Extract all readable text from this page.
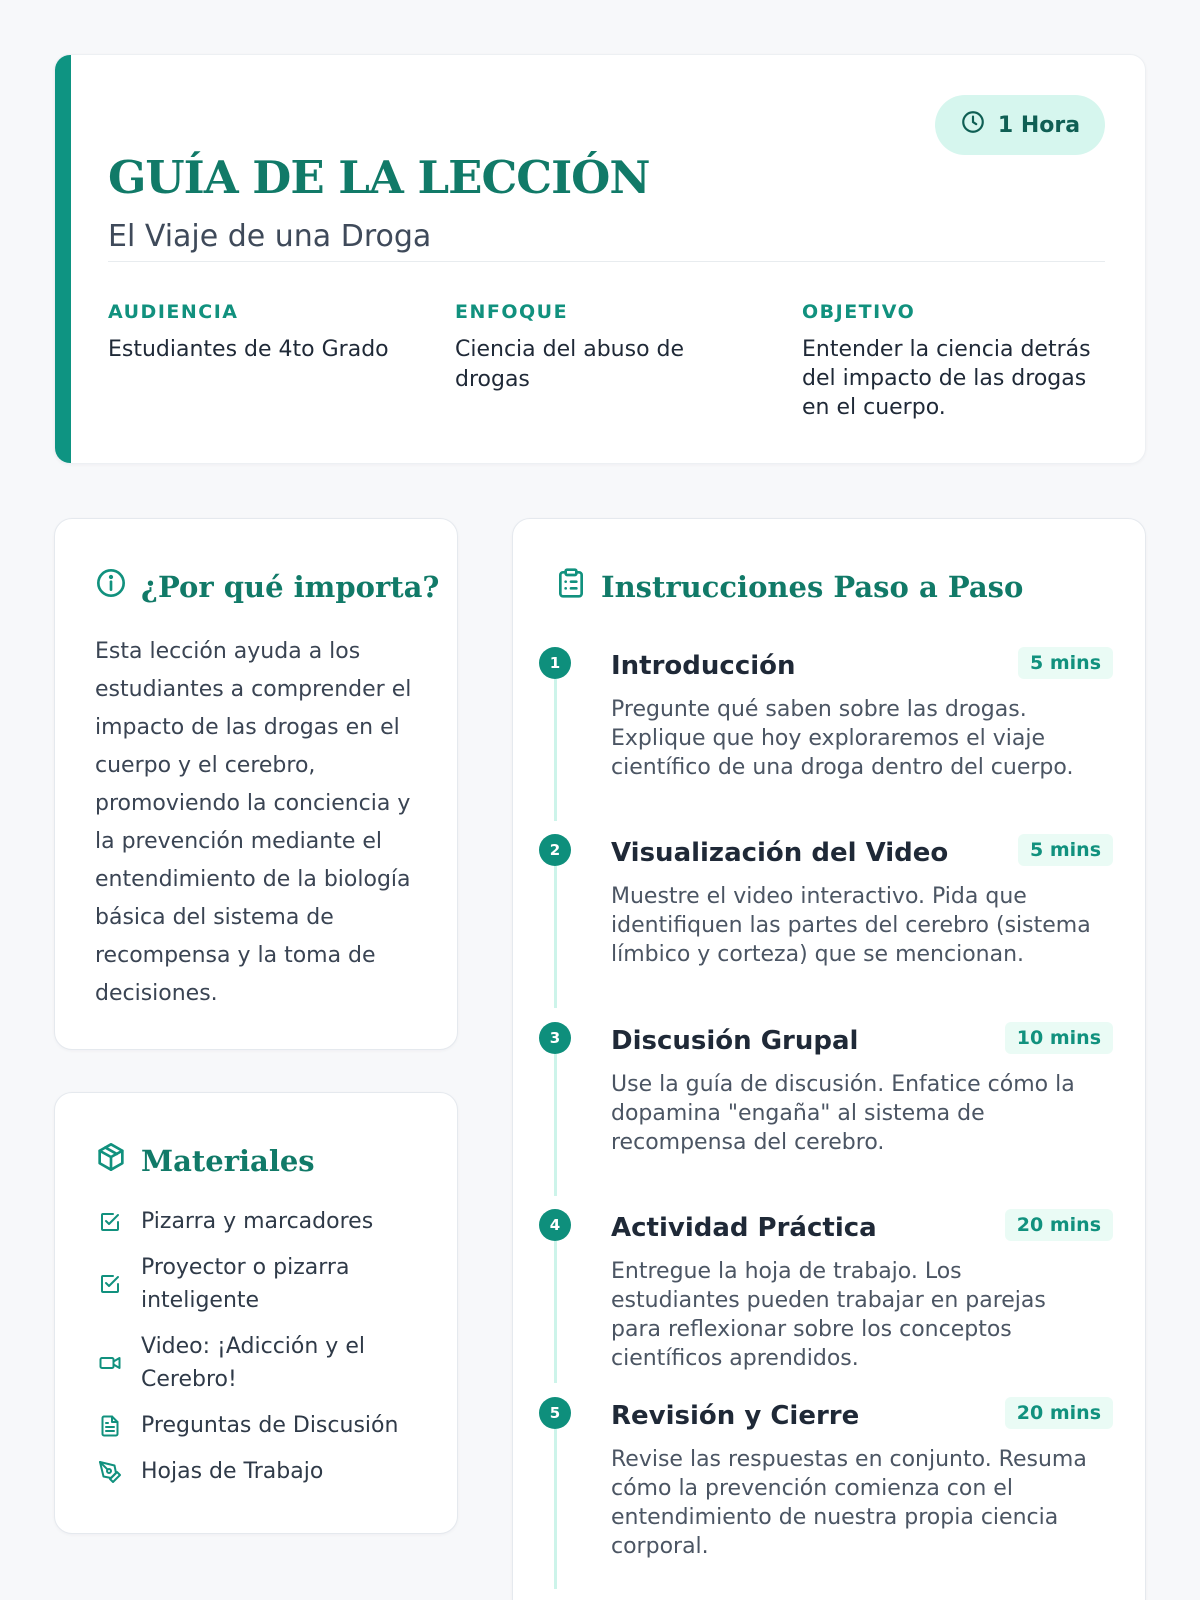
GUÍA DE LA LECCIÓN
El Viaje de una Droga
1 Hora
AUDIENCIA
Estudiantes de 4to Grado
ENFOQUE
Ciencia del abuso de drogas
OBJETIVO
Entender la ciencia detrás del impacto de las drogas en el cuerpo.
¿Por qué importa?

Esta lección ayuda a los estudiantes a comprender el impacto de las drogas en el cuerpo y el cerebro, promoviendo la conciencia y la prevención mediante el entendimiento de la biología básica del sistema de recompensa y la toma de decisiones.

Materiales
Pizarra y marcadores
Proyector o pizarra inteligente
Video: ¡Adicción y el Cerebro!
Preguntas de Discusión
Hojas de Trabajo
Instrucciones Paso a Paso
1	Introducción	5 mins
Pregunte qué saben sobre las drogas. Explique que hoy exploraremos el viaje científico de una droga dentro del cuerpo.
2	Visualización del Video	5 mins
Muestre el video interactivo. Pida que identifiquen las partes del cerebro (sistema límbico y corteza) que se mencionan.
3	Discusión Grupal	10 mins
Use la guía de discusión. Enfatice cómo la dopamina "engaña" al sistema de recompensa del cerebro.
4	Actividad Práctica	20 mins
Entregue la hoja de trabajo. Los estudiantes pueden trabajar en parejas para reflexionar sobre los conceptos científicos aprendidos.
5	Revisión y Cierre	20 mins
Revise las respuestas en conjunto. Resuma cómo la prevención comienza con el entendimiento de nuestra propia ciencia corporal.
